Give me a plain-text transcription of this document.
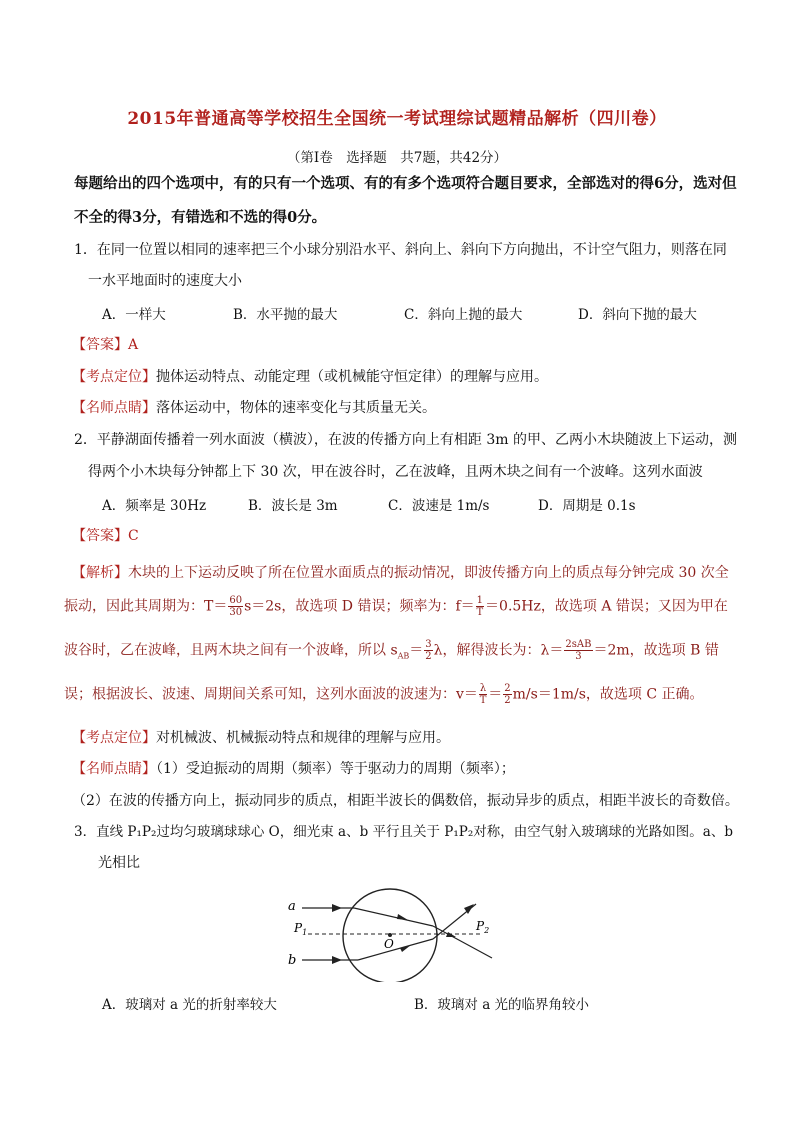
2015年普通高等学校招生全国统一考试理综试题精品解析（四川卷）
（第Ⅰ卷　选择题　共7题，共42分）
每题给出的四个选项中，有的只有一个选项、有的有多个选项符合题目要求，全部选对的得6分，选对但
不全的得3分，有错选和不选的得0分。
1．在同一位置以相同的速率把三个小球分别沿水平、斜向上、斜向下方向抛出，不计空气阻力，则落在同
一水平地面时的速度大小
A．一样大	B．水平抛的最大	C．斜向上抛的最大	D．斜向下抛的最大
【答案】A
【考点定位】抛体运动特点、动能定理（或机械能守恒定律）的理解与应用。
【名师点睛】落体运动中，物体的速率变化与其质量无关。
2．平静湖面传播着一列水面波（横波），在波的传播方向上有相距 3m 的甲、乙两小木块随波上下运动，测
得两个小木块每分钟都上下 30 次，甲在波谷时，乙在波峰，且两木块之间有一个波峰。这列水面波
A．频率是 30Hz	B．波长是 3m	C．波速是 1m/s	D．周期是 0.1s
【答案】C
【解析】木块的上下运动反映了所在位置水面质点的振动情况，即波传播方向上的质点每分钟完成 30 次全
振动，因此其周期为：$T= \frac{60}{30} s=2s$，故选项 D 错误；频率为：$f= \frac{1}{T} =0.5Hz$，故选项 A 错误；又因为甲在
波谷时，乙在波峰，且两木块之间有一个波峰，所以 $s_{AB}= \frac{3}{2}$ λ，解得波长为：$\lambda= \frac{\text{2sAB}}{3} =2m$，故选项 B 错
误；根据波长、波速、周期间关系可知，这列水面波的波速为：$v= \frac{\lambda}{T} = \frac{2}{2} m/s=1m/s$，故选项 C 正确。
【考点定位】对机械波、机械振动特点和规律的理解与应用。
【名师点睛】（1）受迫振动的周期（频率）等于驱动力的周期（频率）；
（2）在波的传播方向上，振动同步的质点，相距半波长的偶数倍，振动异步的质点，相距半波长的奇数倍。
3．直线 P₁P₂过均匀玻璃球球心 O，细光束 a、b 平行且关于 P₁P₂对称，由空气射入玻璃球的光路如图。a、b
光相比
a
b
$P_1$	$P_2$
O
A．玻璃对 a 光的折射率较大	B．玻璃对 a 光的临界角较小
